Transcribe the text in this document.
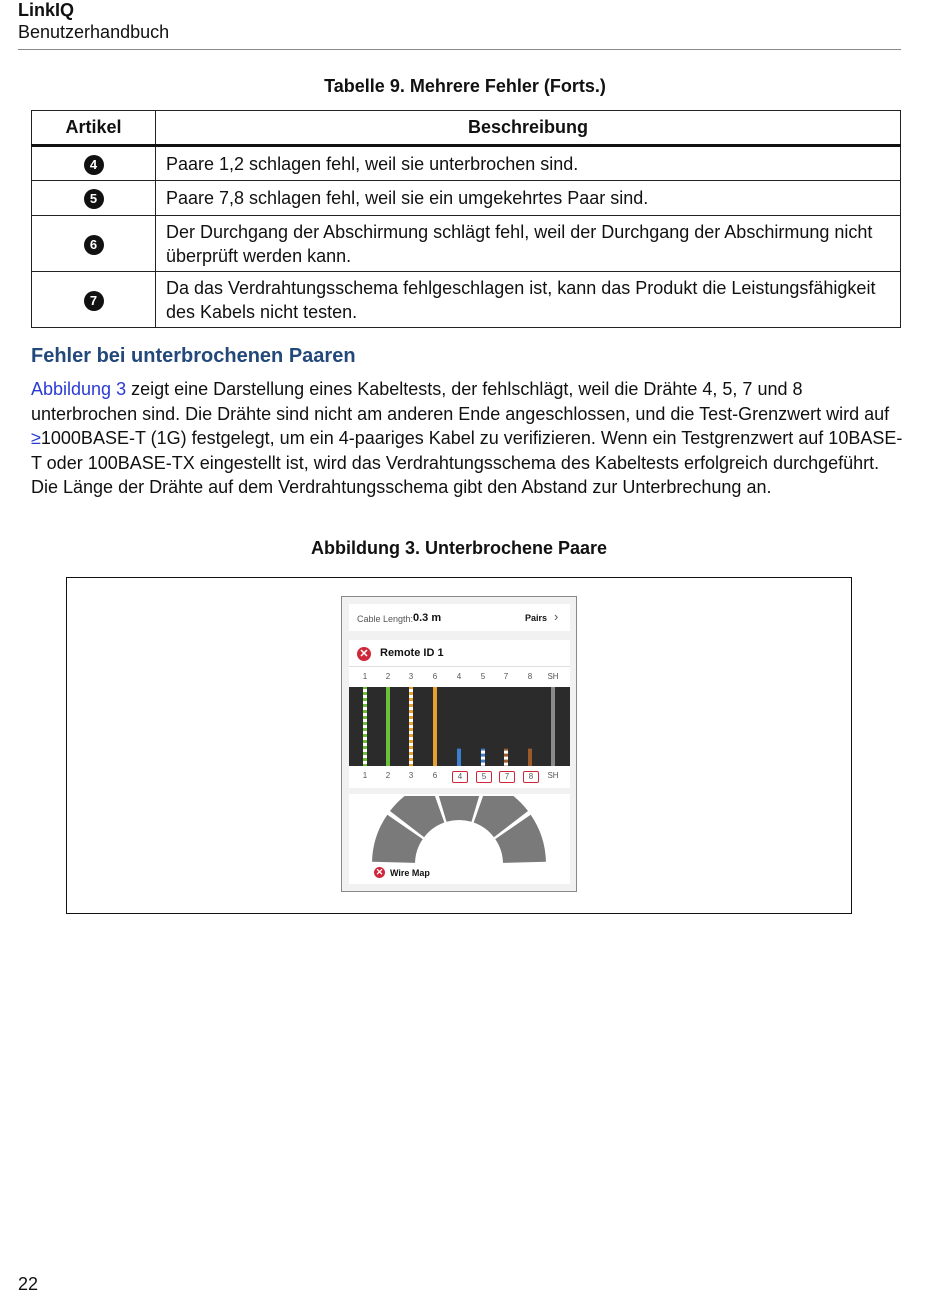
LinkIQ
Benutzerhandbuch
Tabelle 9. Mehrere Fehler (Forts.)
Artikel	Beschreibung
4	Paare 1,2 schlagen fehl, weil sie unterbrochen sind.
5	Paare 7,8 schlagen fehl, weil sie ein umgekehrtes Paar sind.
6	Der Durchgang der Abschirmung schlägt fehl, weil der Durchgang der Abschirmung nicht überprüft werden kann.
7	Da das Verdrahtungsschema fehlgeschlagen ist, kann das Produkt die Leistungsfähigkeit des Kabels nicht testen.
Fehler bei unterbrochenen Paaren
Abbildung 3 zeigt eine Darstellung eines Kabeltests, der fehlschlägt, weil die Drähte 4, 5, 7 und 8 unterbrochen sind. Die Drähte sind nicht am anderen Ende angeschlossen, und die Test-Grenzwert wird auf ≥1000BASE-T (1G) festgelegt, um ein 4-paariges Kabel zu verifizieren. Wenn ein Testgrenzwert auf 10BASE-T oder 100BASE-TX eingestellt ist, wird das Verdrahtungsschema des Kabeltests erfolgreich durchgeführt. Die Länge der Drähte auf dem Verdrahtungsschema gibt den Abstand zur Unterbrechung an.
Abbildung 3. Unterbrochene Paare
Cable Length: 0.3 m	Pairs ›
✕ Remote ID 1
1	2	3	6	4	5	7	8	SH
1	2	3	6	4	5	7	8	SH
✕ Wire Map
22
